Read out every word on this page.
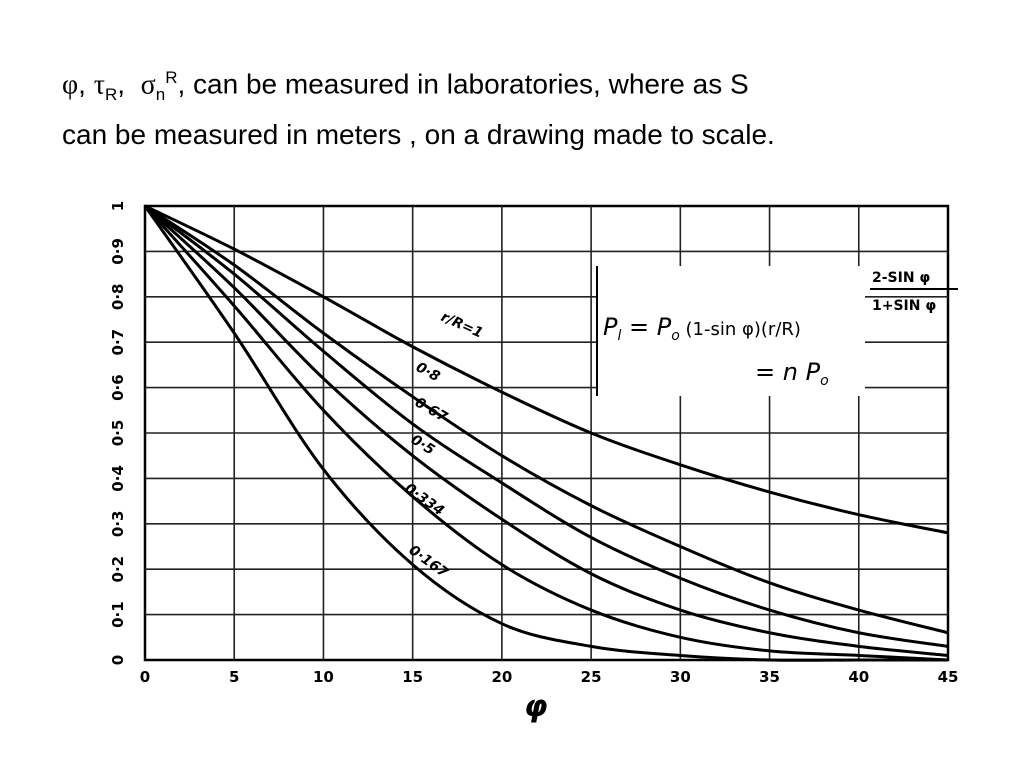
φ, $\tau_R$,  $\sigma_n^R$, can be measured in laboratories, where as S
can be measured in meters , on a drawing made to scale.
0	5	10	15	20	25	30	35	40	45
0
0·1
0·2
0·3
0·4
0·5
0·6
0·7
0·8
0·9
1
$P_l = P_o$ $^{(1-sin \varphi)(r/R)}$
= n $P_o$
2-SIN φ
1+SIN φ
r/R=1
0·8
0·67
0·5
0·334
0·167
φ
